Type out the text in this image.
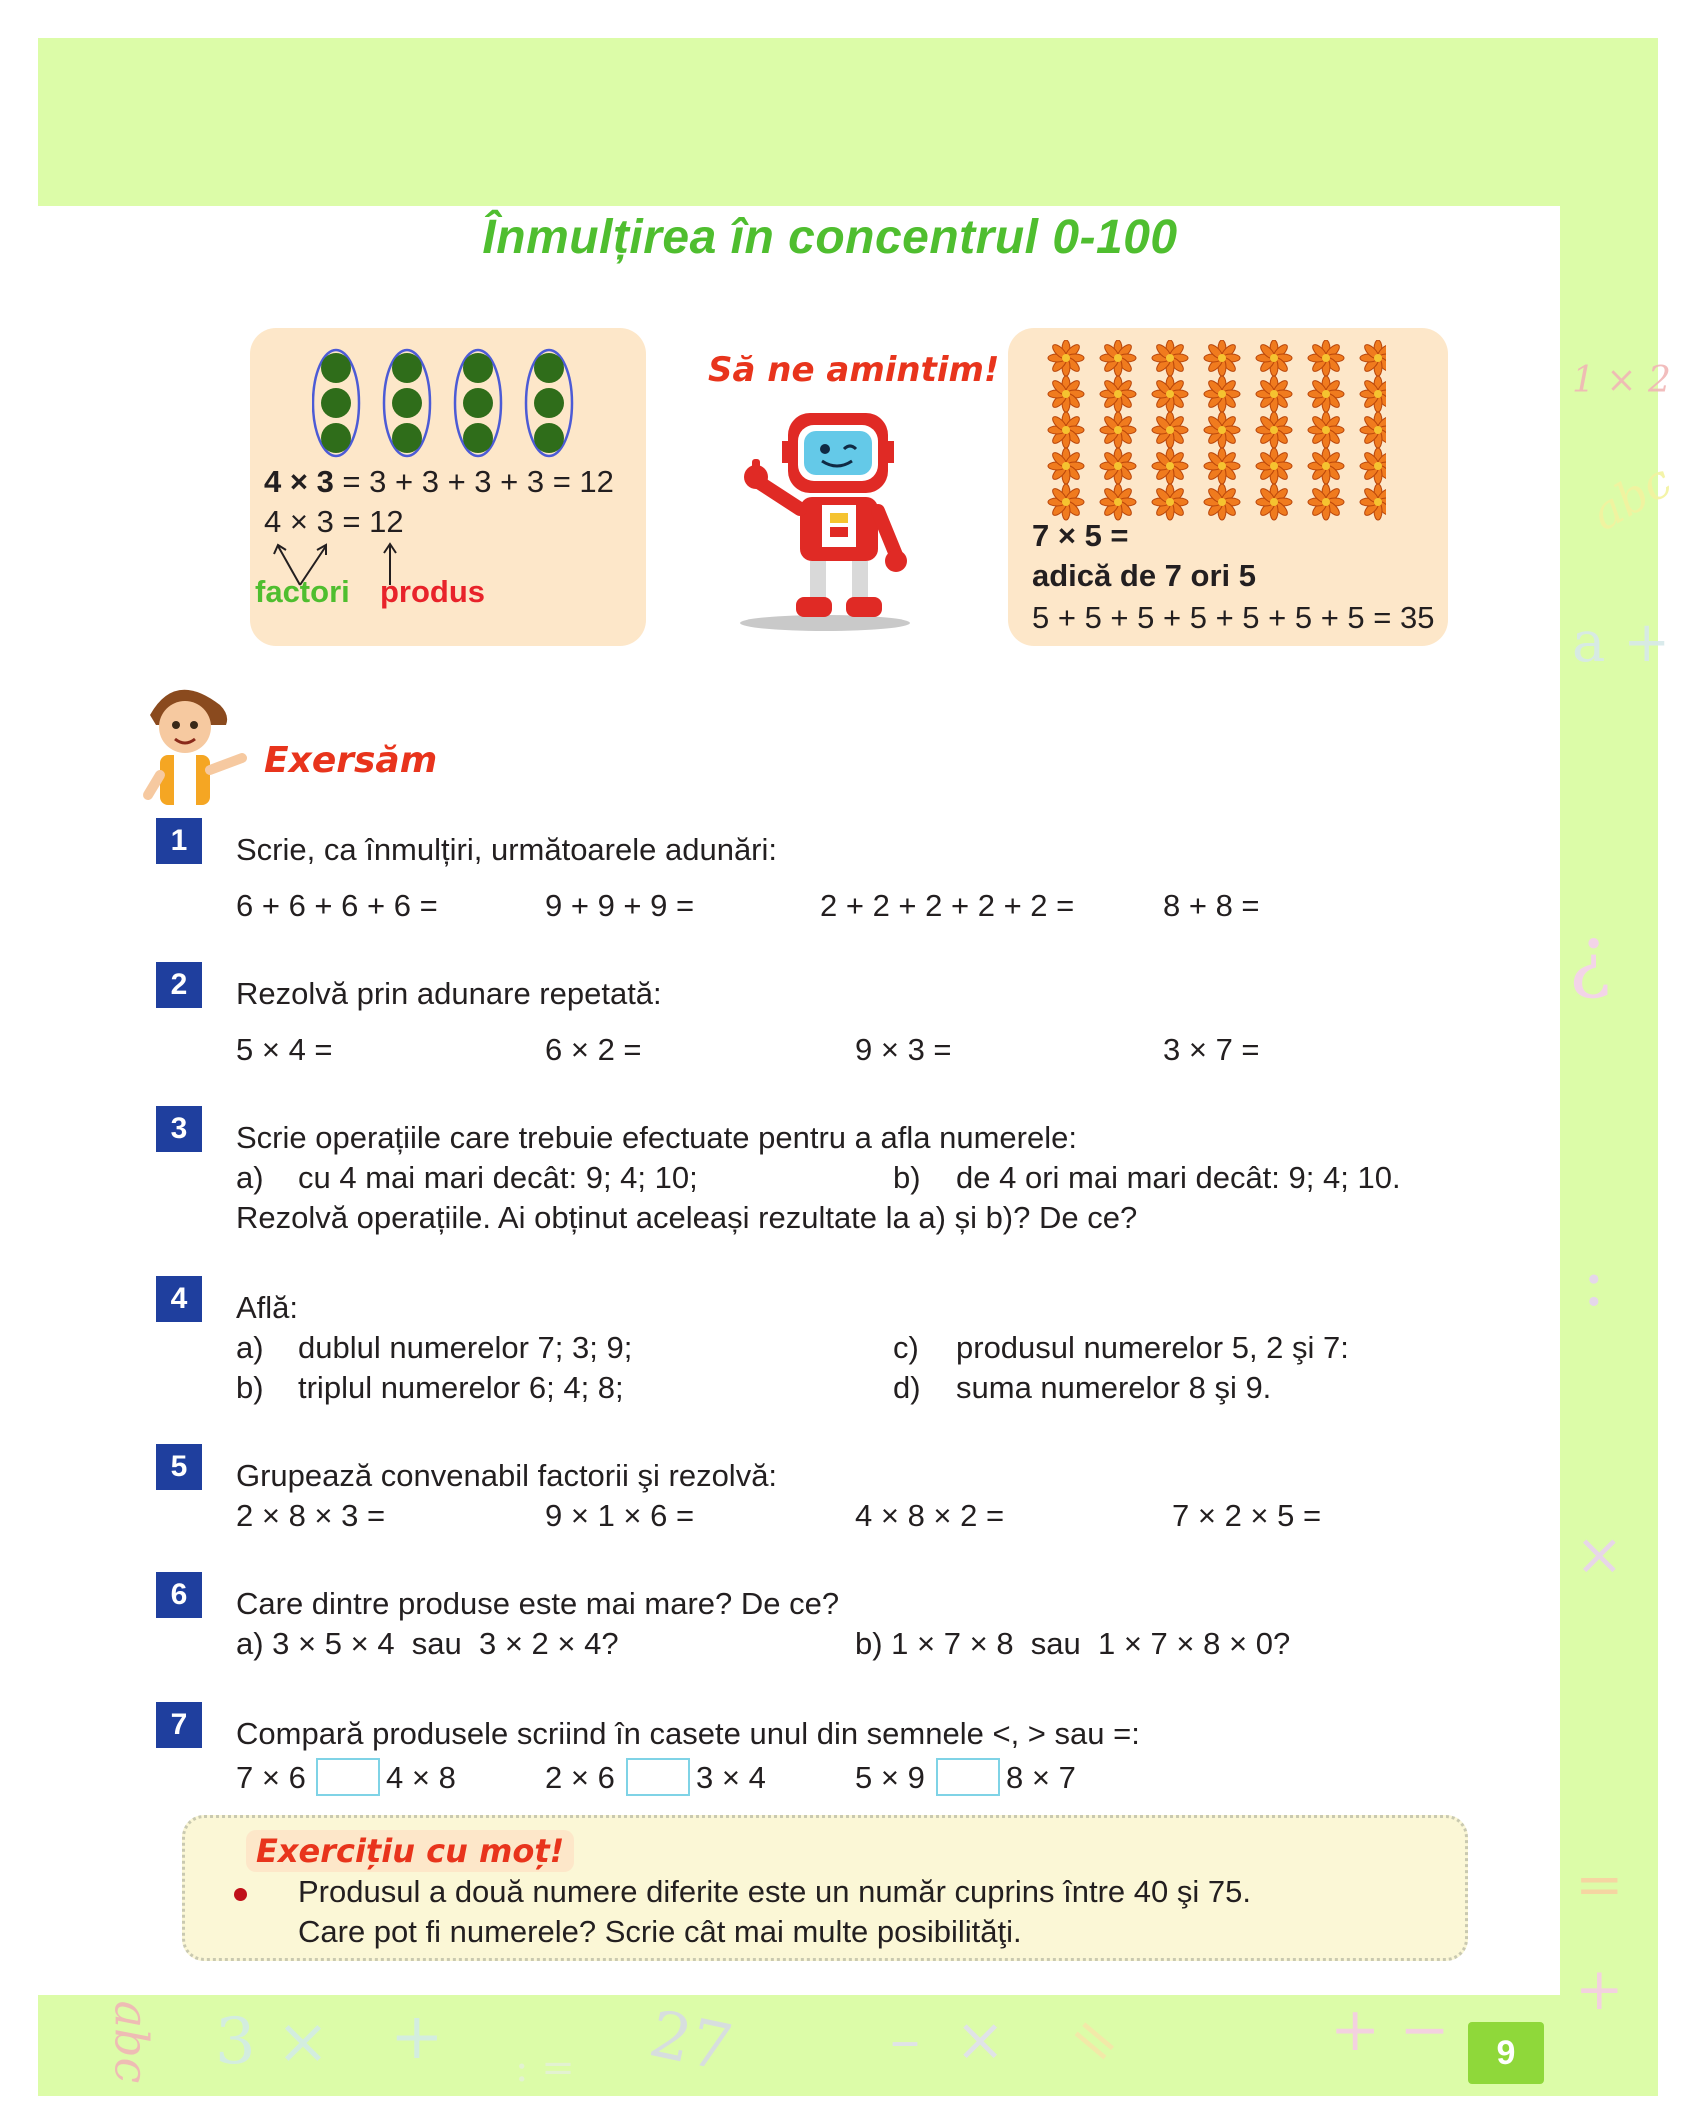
1 × 2
abc
a +
?
:
×
=
+
abc 3 × + : = 27	– × =	+ −	9
Înmulțirea în concentrul 0-100
4 × 3 = 3 + 3 + 3 + 3 = 12
4 × 3 = 12
factori produs
Să ne amintim!
7 × 5 =
adică de 7 ori 5
5 + 5 + 5 + 5 + 5 + 5 + 5 = 35
Exersăm
1	Scrie, ca înmulțiri, următoarele adunări:
6 + 6 + 6 + 6 =	9 + 9 + 9 =	2 + 2 + 2 + 2 + 2 =	8 + 8 =
2	Rezolvă prin adunare repetată:
5 × 4 =	6 × 2 =	9 × 3 =	3 × 7 =
3	Scrie operațiile care trebuie efectuate pentru a afla numerele:
a) cu 4 mai mari decât: 9; 4; 10;	b) de 4 ori mai mari decât: 9; 4; 10.
Rezolvă operațiile. Ai obținut aceleași rezultate la a) și b)? De ce?
4	Află:
a) dublul numerelor 7; 3; 9;	c) produsul numerelor 5, 2 şi 7:
b) triplul numerelor 6; 4; 8;	d) suma numerelor 8 şi 9.
5	Grupează convenabil factorii şi rezolvă:
2 × 8 × 3 =	9 × 1 × 6 =	4 × 8 × 2 =	7 × 2 × 5 =
6	Care dintre produse este mai mare? De ce?
a) 3 × 5 × 4  sau  3 × 2 × 4?	b) 1 × 7 × 8  sau  1 × 7 × 8 × 0?
7	Compară produsele scriind în casete unul din semnele <, > sau =:
7 × 6	4 × 8	2 × 6	3 × 4	5 × 9	8 × 7
Exercițiu cu moț!
Produsul a două numere diferite este un număr cuprins între 40 şi 75.
Care pot fi numerele? Scrie cât mai multe posibilităţi.
